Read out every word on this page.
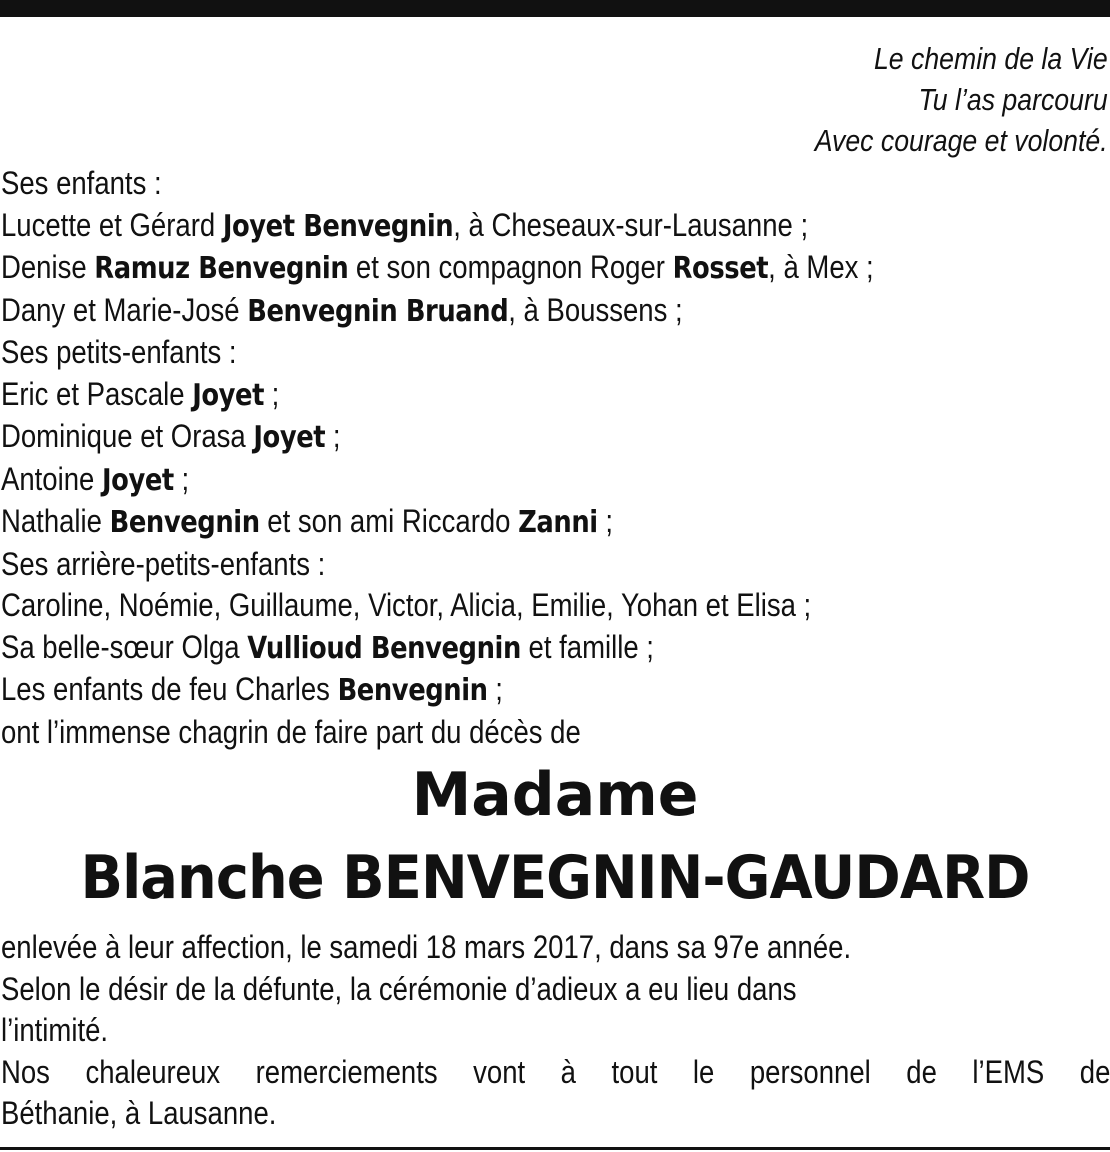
Le chemin de la Vie
Tu l’as parcouru
Avec courage et volonté.
Ses enfants :
Lucette et Gérard Joyet Benvegnin, à Cheseaux-sur-Lausanne ;
Denise Ramuz Benvegnin et son compagnon Roger Rosset, à Mex ;
Dany et Marie-José Benvegnin Bruand, à Boussens ;
Ses petits-enfants :
Eric et Pascale Joyet ;
Dominique et Orasa Joyet ;
Antoine Joyet ;
Nathalie Benvegnin et son ami Riccardo Zanni ;
Ses arrière-petits-enfants :
Caroline, Noémie, Guillaume, Victor, Alicia, Emilie, Yohan et Elisa ;
Sa belle-sœur Olga Vullioud Benvegnin et famille ;
Les enfants de feu Charles Benvegnin ;
ont l’immense chagrin de faire part du décès de
Madame
Blanche BENVEGNIN-GAUDARD
enlevée à leur affection, le samedi 18 mars 2017, dans sa 97e année.
Selon le désir de la défunte, la cérémonie d’adieux a eu lieu dans
l’intimité.
Nos chaleureux remerciements vont à tout le personnel de l’EMS de
Béthanie, à Lausanne.
